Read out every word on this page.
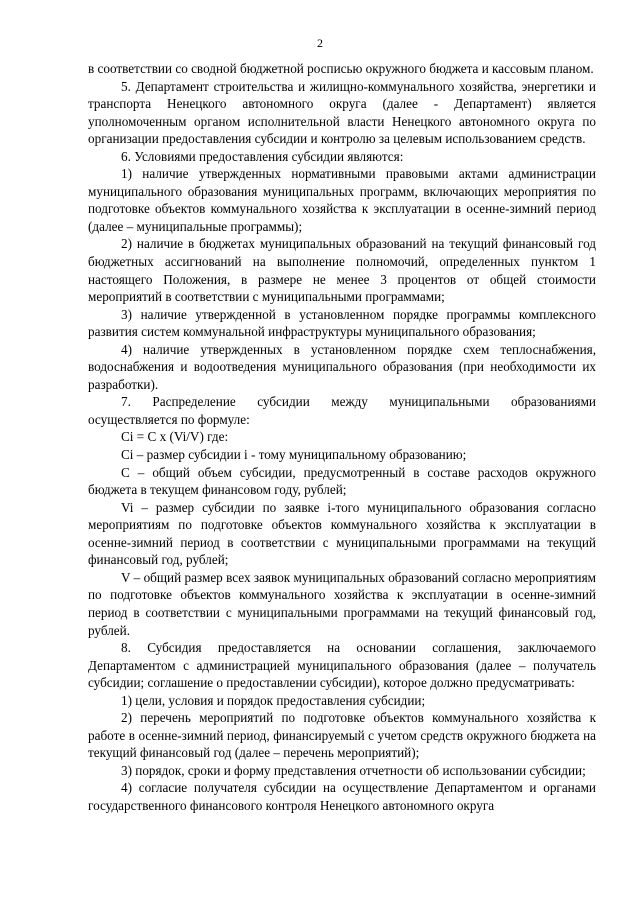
2

в соответствии со сводной бюджетной росписью окружного бюджета и кассовым планом.

5. Департамент строительства и жилищно-коммунального хозяйства, энергетики и транспорта Ненецкого автономного округа (далее - Департамент) является уполномоченным органом исполнительной власти Ненецкого автономного округа по организации предоставления субсидии и контролю за целевым использованием средств.

6. Условиями предоставления субсидии являются:

1) наличие утвержденных нормативными правовыми актами администрации муниципального образования муниципальных программ, включающих мероприятия по подготовке объектов коммунального хозяйства к эксплуатации в осенне-зимний период (далее – муниципальные программы);

2) наличие в бюджетах муниципальных образований на текущий финансовый год бюджетных ассигнований на выполнение полномочий, определенных пунктом 1 настоящего Положения, в размере не менее 3 процентов от общей стоимости мероприятий в соответствии с муниципальными программами;

3) наличие утвержденной в установленном порядке программы комплексного развития систем коммунальной инфраструктуры муниципального образования;

4) наличие утвержденных в установленном порядке схем теплоснабжения, водоснабжения и водоотведения муниципального образования (при необходимости их разработки).

7. Распределение субсидии между муниципальными образованиями осуществляется по формуле:

Ci = C x (Vi/V) где:

Ci – размер субсидии i - тому муниципальному образованию;

С – общий объем субсидии, предусмотренный в составе расходов окружного бюджета в текущем финансовом году, рублей;

Vi – размер субсидии по заявке i-того муниципального образования согласно мероприятиям по подготовке объектов коммунального хозяйства к эксплуатации в осенне-зимний период в соответствии с муниципальными программами на текущий финансовый год, рублей;

V – общий размер всех заявок муниципальных образований согласно мероприятиям по подготовке объектов коммунального хозяйства к эксплуатации в осенне-зимний период в соответствии с муниципальными программами на текущий финансовый год, рублей.

8. Субсидия предоставляется на основании соглашения, заключаемого Департаментом с администрацией муниципального образования (далее – получатель субсидии; соглашение о предоставлении субсидии), которое должно предусматривать:

1) цели, условия и порядок предоставления субсидии;

2) перечень мероприятий по подготовке объектов коммунального хозяйства к работе в осенне-зимний период, финансируемый с учетом средств окружного бюджета на текущий финансовый год (далее – перечень мероприятий);

3) порядок, сроки и форму представления отчетности об использовании субсидии;

4) согласие получателя субсидии на осуществление Департаментом и органами государственного финансового контроля Ненецкого автономного округа
